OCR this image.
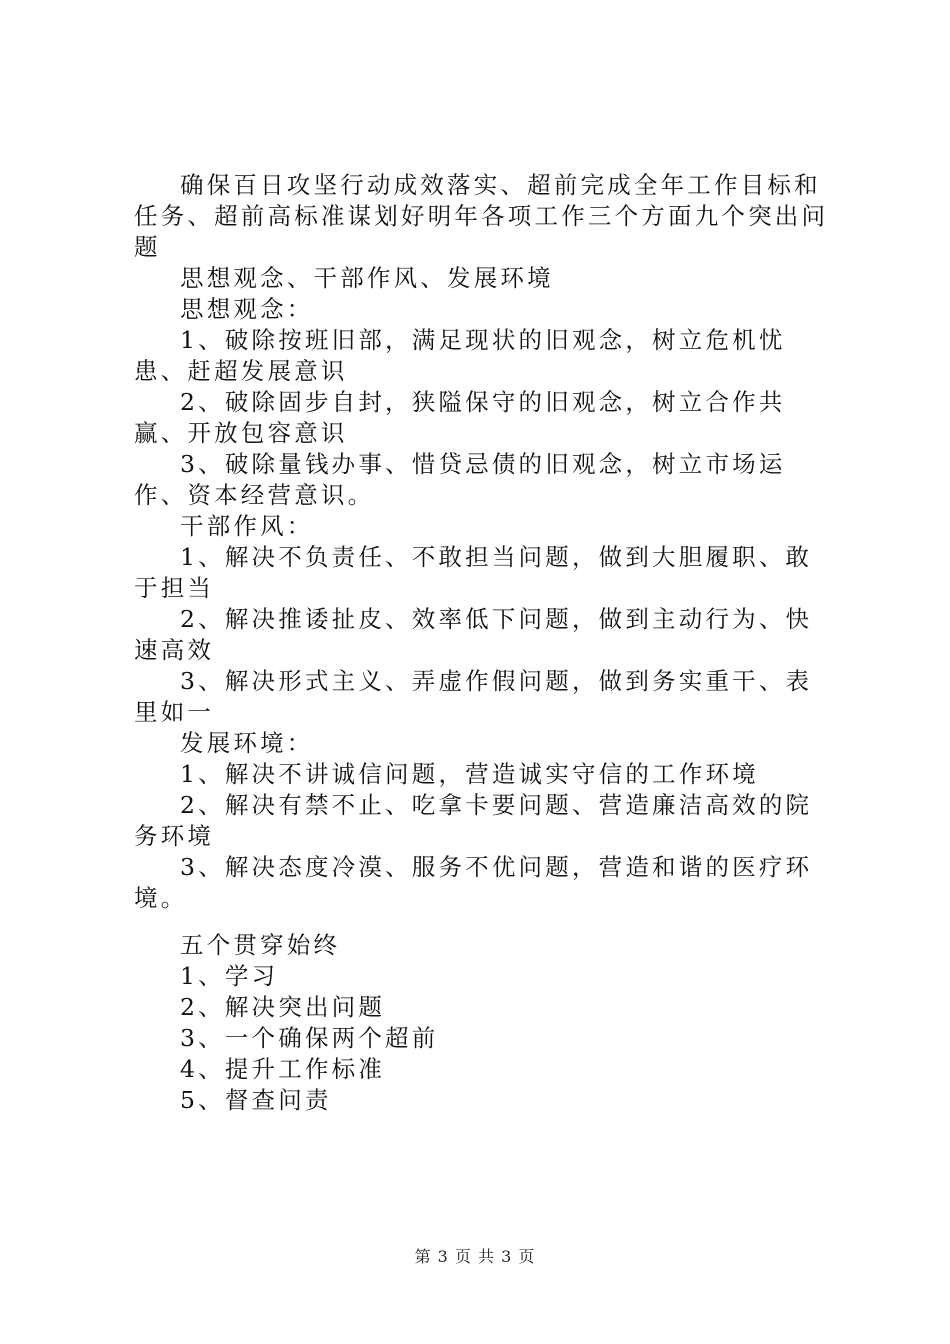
确保百日攻坚行动成效落实、超前完成全年工作目标和任务、超前高标准谋划好明年各项工作三个方面九个突出问题

思想观念、干部作风、发展环境

思想观念：

1、破除按班旧部，满足现状的旧观念，树立危机忧患、赶超发展意识

2、破除固步自封，狭隘保守的旧观念，树立合作共赢、开放包容意识

3、破除量钱办事、惜贷忌债的旧观念，树立市场运作、资本经营意识。

干部作风：

1、解决不负责任、不敢担当问题，做到大胆履职、敢于担当

2、解决推诿扯皮、效率低下问题，做到主动行为、快速高效

3、解决形式主义、弄虚作假问题，做到务实重干、表里如一

发展环境：

1、解决不讲诚信问题，营造诚实守信的工作环境

2、解决有禁不止、吃拿卡要问题、营造廉洁高效的院务环境

3、解决态度冷漠、服务不优问题，营造和谐的医疗环境。

五个贯穿始终

1、学习

2、解决突出问题

3、一个确保两个超前

4、提升工作标准

5、督查问责

第 3 页 共 3 页
